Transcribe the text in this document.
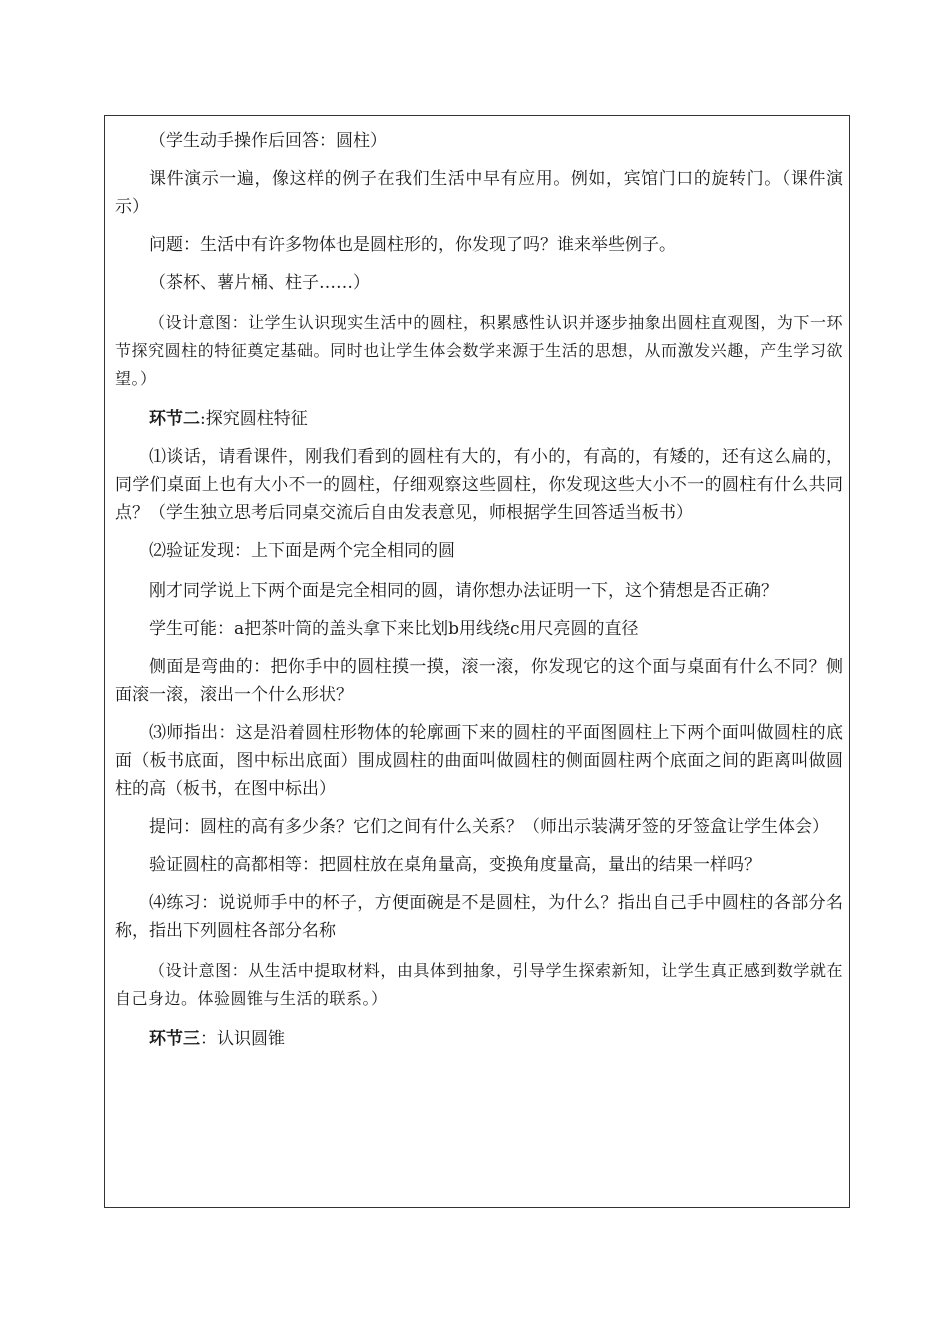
（学生动手操作后回答：圆柱）

课件演示一遍，像这样的例子在我们生活中早有应用。例如，宾馆门口的旋转门。（课件演示）

问题：生活中有许多物体也是圆柱形的，你发现了吗？谁来举些例子。

（茶杯、薯片桶、柱子……）

（设计意图：让学生认识现实生活中的圆柱，积累感性认识并逐步抽象出圆柱直观图，为下一环节探究圆柱的特征奠定基础。同时也让学生体会数学来源于生活的思想，从而激发兴趣，产生学习欲望。）

环节二:探究圆柱特征

⑴谈话，请看课件，刚我们看到的圆柱有大的，有小的，有高的，有矮的，还有这么扁的，同学们桌面上也有大小不一的圆柱，仔细观察这些圆柱，你发现这些大小不一的圆柱有什么共同点？（学生独立思考后同桌交流后自由发表意见，师根据学生回答适当板书）

⑵验证发现：上下面是两个完全相同的圆

刚才同学说上下两个面是完全相同的圆，请你想办法证明一下，这个猜想是否正确？

学生可能：a把茶叶筒的盖头拿下来比划b用线绕c用尺亮圆的直径

侧面是弯曲的：把你手中的圆柱摸一摸，滚一滚，你发现它的这个面与桌面有什么不同？侧面滚一滚，滚出一个什么形状？

⑶师指出：这是沿着圆柱形物体的轮廓画下来的圆柱的平面图圆柱上下两个面叫做圆柱的底面（板书底面，图中标出底面）围成圆柱的曲面叫做圆柱的侧面圆柱两个底面之间的距离叫做圆柱的高（板书，在图中标出）

提问：圆柱的高有多少条？它们之间有什么关系？（师出示装满牙签的牙签盒让学生体会）

验证圆柱的高都相等：把圆柱放在桌角量高，变换角度量高，量出的结果一样吗？

⑷练习：说说师手中的杯子，方便面碗是不是圆柱，为什么？指出自己手中圆柱的各部分名称，指出下列圆柱各部分名称

（设计意图：从生活中提取材料，由具体到抽象，引导学生探索新知，让学生真正感到数学就在自己身边。体验圆锥与生活的联系。）

环节三：认识圆锥
